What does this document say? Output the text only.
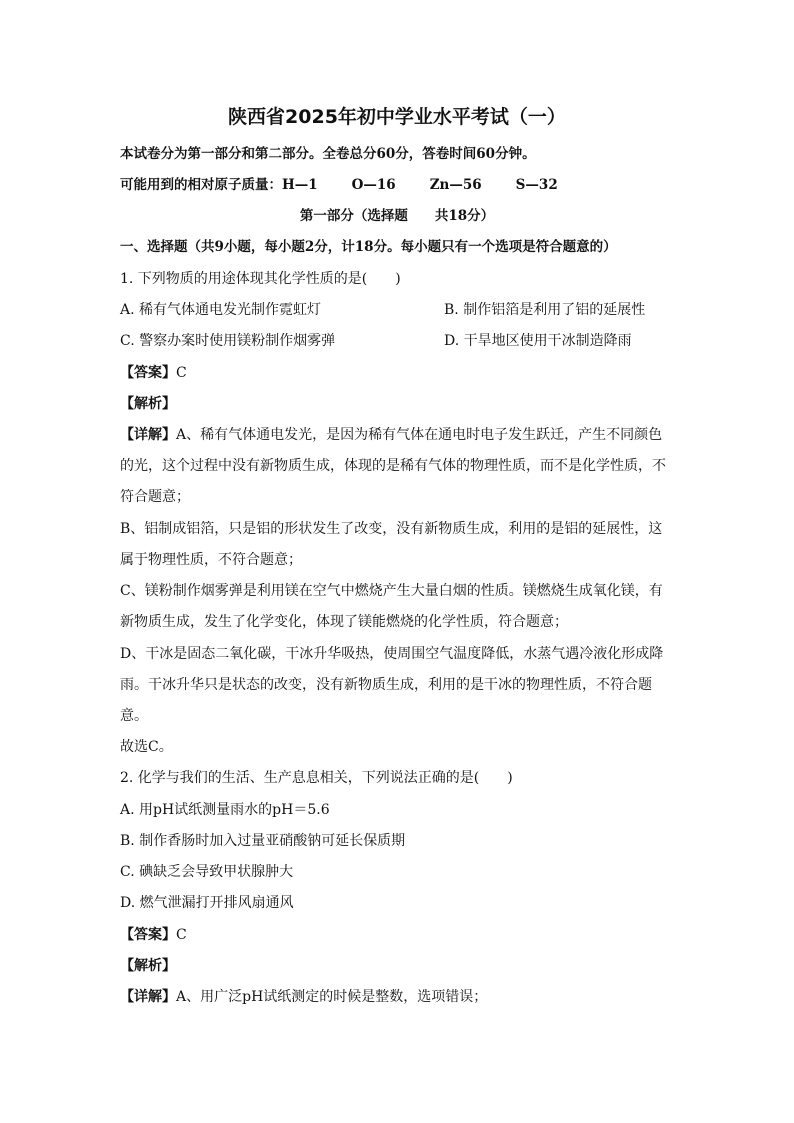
陕西省2025年初中学业水平考试（一）
本试卷分为第一部分和第二部分。全卷总分60分，答卷时间60分钟。
可能用到的相对原子质量：H—1	O—16	Zn—56	S—32
第一部分（选择题　　共18分）
一、选择题（共9小题，每小题2分，计18分。每小题只有一个选项是符合题意的）
1. 下列物质的用途体现其化学性质的是(　　)
A. 稀有气体通电发光制作霓虹灯	B. 制作铝箔是利用了铝的延展性
C. 警察办案时使用镁粉制作烟雾弹	D. 干旱地区使用干冰制造降雨
【答案】C
【解析】
【详解】A、稀有气体通电发光，是因为稀有气体在通电时电子发生跃迁，产生不同颜色
的光，这个过程中没有新物质生成，体现的是稀有气体的物理性质，而不是化学性质，不
符合题意；
B、铝制成铝箔，只是铝的形状发生了改变，没有新物质生成，利用的是铝的延展性，这
属于物理性质，不符合题意；
C、镁粉制作烟雾弹是利用镁在空气中燃烧产生大量白烟的性质。镁燃烧生成氧化镁，有
新物质生成，发生了化学变化，体现了镁能燃烧的化学性质，符合题意；
D、干冰是固态二氧化碳，干冰升华吸热，使周围空气温度降低，水蒸气遇冷液化形成降
雨。干冰升华只是状态的改变，没有新物质生成，利用的是干冰的物理性质，不符合题
意。
故选C。
2. 化学与我们的生活、生产息息相关，下列说法正确的是(　　)
A. 用pH试纸测量雨水的pH＝5.6
B. 制作香肠时加入过量亚硝酸钠可延长保质期
C. 碘缺乏会导致甲状腺肿大
D. 燃气泄漏打开排风扇通风
【答案】C
【解析】
【详解】A、用广泛pH试纸测定的时候是整数，选项错误；
